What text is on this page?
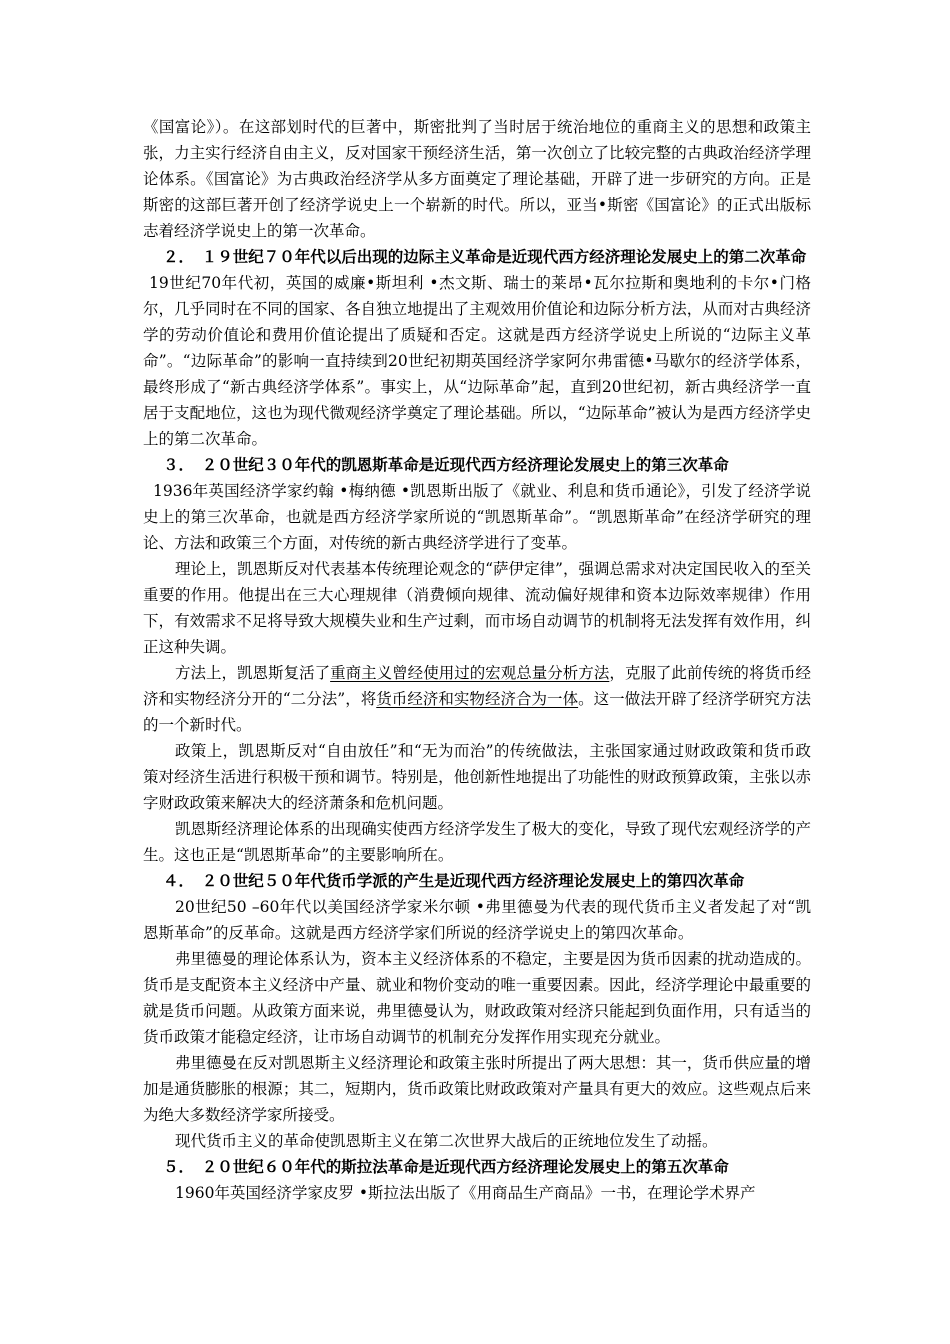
《国富论》）。在这部划时代的巨著中，斯密批判了当时居于统治地位的重商主义的思想和政策主张，力主实行经济自由主义，反对国家干预经济生活，第一次创立了比较完整的古典政治经济学理论体系。《国富论》为古典政治经济学从多方面奠定了理论基础，开辟了进一步研究的方向。正是斯密的这部巨著开创了经济学说史上一个崭新的时代。所以，亚当•斯密《国富论》的正式出版标志着经济学说史上的第一次革命。

２．　１９世纪７０年代以后出现的边际主义革命是近现代西方经济理论发展史上的第二次革命

19世纪70年代初，英国的威廉•斯坦利 •杰文斯、瑞士的莱昂•瓦尔拉斯和奥地利的卡尔•门格尔，几乎同时在不同的国家、各自独立地提出了主观效用价值论和边际分析方法，从而对古典经济学的劳动价值论和费用价值论提出了质疑和否定。这就是西方经济学说史上所说的“边际主义革命”。“边际革命”的影响一直持续到20世纪初期英国经济学家阿尔弗雷德•马歇尔的经济学体系，最终形成了“新古典经济学体系”。事实上，从“边际革命”起，直到20世纪初，新古典经济学一直居于支配地位，这也为现代微观经济学奠定了理论基础。所以，“边际革命”被认为是西方经济学史上的第二次革命。

３．　２０世纪３０年代的凯恩斯革命是近现代西方经济理论发展史上的第三次革命

1936年英国经济学家约翰 •梅纳德 •凯恩斯出版了《就业、利息和货币通论》，引发了经济学说史上的第三次革命，也就是西方经济学家所说的“凯恩斯革命”。“凯恩斯革命”在经济学研究的理论、方法和政策三个方面，对传统的新古典经济学进行了变革。

理论上，凯恩斯反对代表基本传统理论观念的“萨伊定律”，强调总需求对决定国民收入的至关重要的作用。他提出在三大心理规律（消费倾向规律、流动偏好规律和资本边际效率规律）作用下，有效需求不足将导致大规模失业和生产过剩，而市场自动调节的机制将无法发挥有效作用，纠正这种失调。

方法上，凯恩斯复活了重商主义曾经使用过的宏观总量分析方法，克服了此前传统的将货币经济和实物经济分开的“二分法”，将货币经济和实物经济合为一体。这一做法开辟了经济学研究方法的一个新时代。

政策上，凯恩斯反对“自由放任”和“无为而治”的传统做法，主张国家通过财政政策和货币政策对经济生活进行积极干预和调节。特别是，他创新性地提出了功能性的财政预算政策，主张以赤字财政政策来解决大的经济萧条和危机问题。

凯恩斯经济理论体系的出现确实使西方经济学发生了极大的变化，导致了现代宏观经济学的产生。这也正是“凯恩斯革命”的主要影响所在。

４．　２０世纪５０年代货币学派的产生是近现代西方经济理论发展史上的第四次革命

20世纪50 –60年代以美国经济学家米尔顿 •弗里德曼为代表的现代货币主义者发起了对“凯恩斯革命”的反革命。这就是西方经济学家们所说的经济学说史上的第四次革命。

弗里德曼的理论体系认为，资本主义经济体系的不稳定，主要是因为货币因素的扰动造成的。货币是支配资本主义经济中产量、就业和物价变动的唯一重要因素。因此，经济学理论中最重要的就是货币问题。从政策方面来说，弗里德曼认为，财政政策对经济只能起到负面作用，只有适当的货币政策才能稳定经济，让市场自动调节的机制充分发挥作用实现充分就业。

弗里德曼在反对凯恩斯主义经济理论和政策主张时所提出了两大思想：其一，货币供应量的增加是通货膨胀的根源；其二，短期内，货币政策比财政政策对产量具有更大的效应。这些观点后来为绝大多数经济学家所接受。

现代货币主义的革命使凯恩斯主义在第二次世界大战后的正统地位发生了动摇。

５．　２０世纪６０年代的斯拉法革命是近现代西方经济理论发展史上的第五次革命

1960年英国经济学家皮罗 •斯拉法出版了《用商品生产商品》一书，在理论学术界产
